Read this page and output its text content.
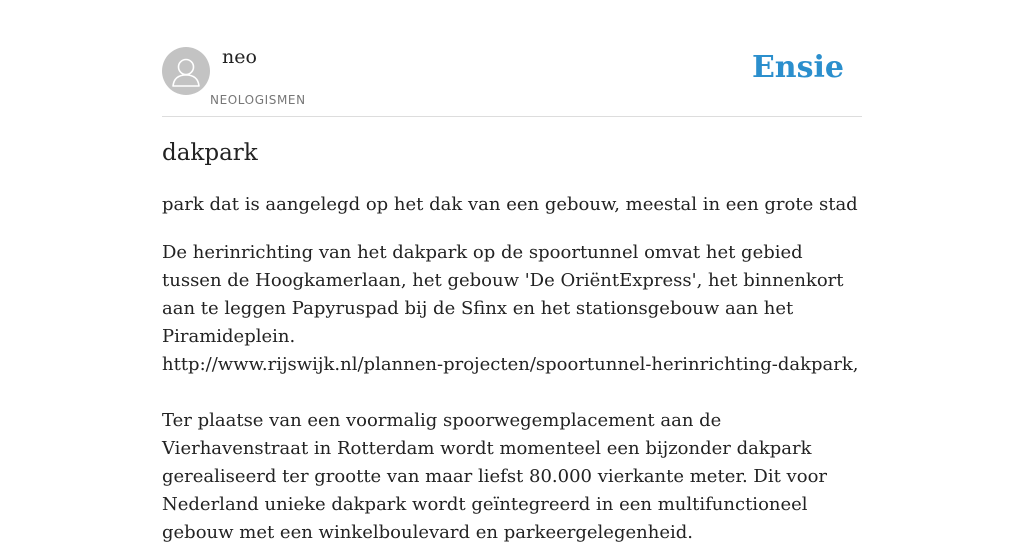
neo
NEOLOGISMEN
Ensie
dakpark
park dat is aangelegd op het dak van een gebouw, meestal in een grote stad
De herinrichting van het dakpark op de spoortunnel omvat het gebied tussen de Hoogkamerlaan, het gebouw 'De OriëntExpress', het binnenkort aan te leggen Papyruspad bij de Sfinx en het stationsgebouw aan het Piramideplein.
http://www.rijswijk.nl/plannen-projecten/spoortunnel-herinrichting-dakpark,

Ter plaatse van een voormalig spoorwegemplacement aan de Vierhavenstraat in Rotterdam wordt momenteel een bijzonder dakpark gerealiseerd ter grootte van maar liefst 80.000 vierkante meter. Dit voor Nederland unieke dakpark wordt geïntegreerd in een multifunctioneel gebouw met een winkelboulevard en parkeergelegenheid.
